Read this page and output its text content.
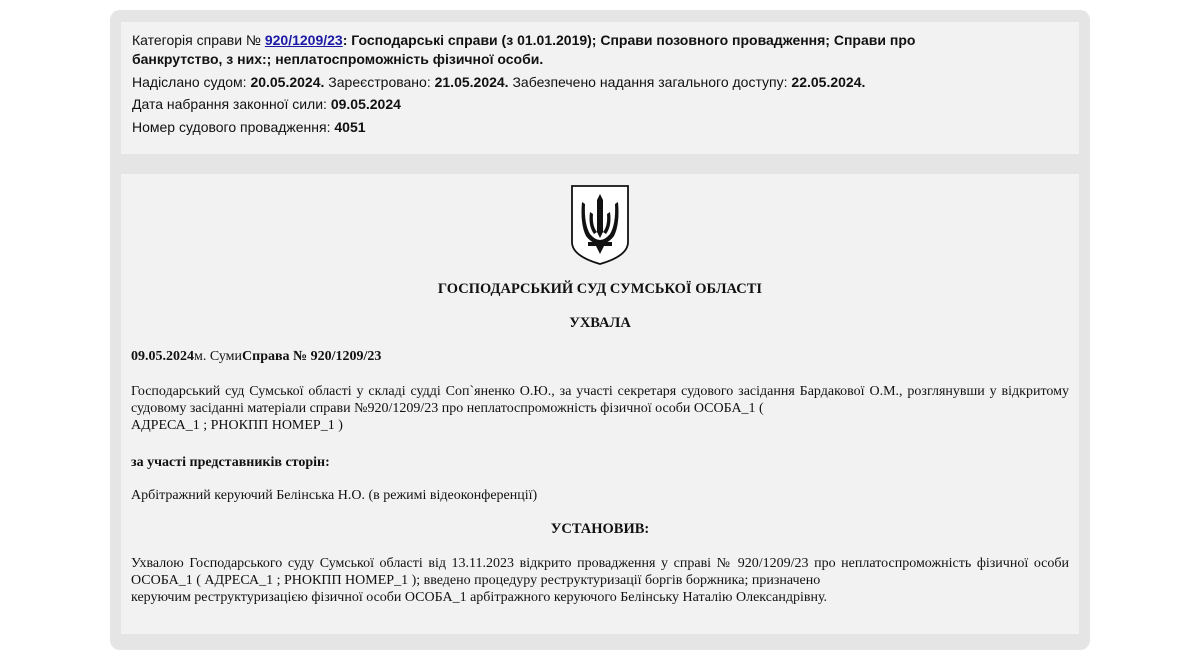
Категорія справи № 920/1209/23: Господарські справи (з 01.01.2019); Справи позовного провадження; Справи про
банкрутство, з них:; неплатоспроможність фізичної особи.
Надіслано судом: 20.05.2024. Зареєстровано: 21.05.2024. Забезпечено надання загального доступу: 22.05.2024.
Дата набрання законної сили: 09.05.2024
Номер судового провадження: 4051
ГОСПОДАРСЬКИЙ СУД СУМСЬКОЇ ОБЛАСТІ
УХВАЛА
09.05.2024м. СумиСправа № 920/1209/23
Господарський суд Сумської області у складі судді Соп`яненко О.Ю., за участі секретаря судового засідання Бардакової О.М., розглянувши у відкритому судовому засіданні матеріали справи №920/1209/23 про неплатоспроможність фізичної особи ОСОБА_1 (
АДРЕСА_1 ; РНОКПП НОМЕР_1 )
за участі представників сторін:
Арбітражний керуючий Белінська Н.О. (в режимі відеоконференції)
УСТАНОВИВ:
Ухвалою Господарського суду Сумської області від 13.11.2023 відкрито провадження у справі № 920/1209/23 про неплатоспроможність фізичної особи ОСОБА_1 ( АДРЕСА_1 ; РНОКПП НОМЕР_1 ); введено процедуру реструктуризації боргів боржника; призначено
керуючим реструктуризацією фізичної особи ОСОБА_1 арбітражного керуючого Белінську Наталію Олександрівну.
